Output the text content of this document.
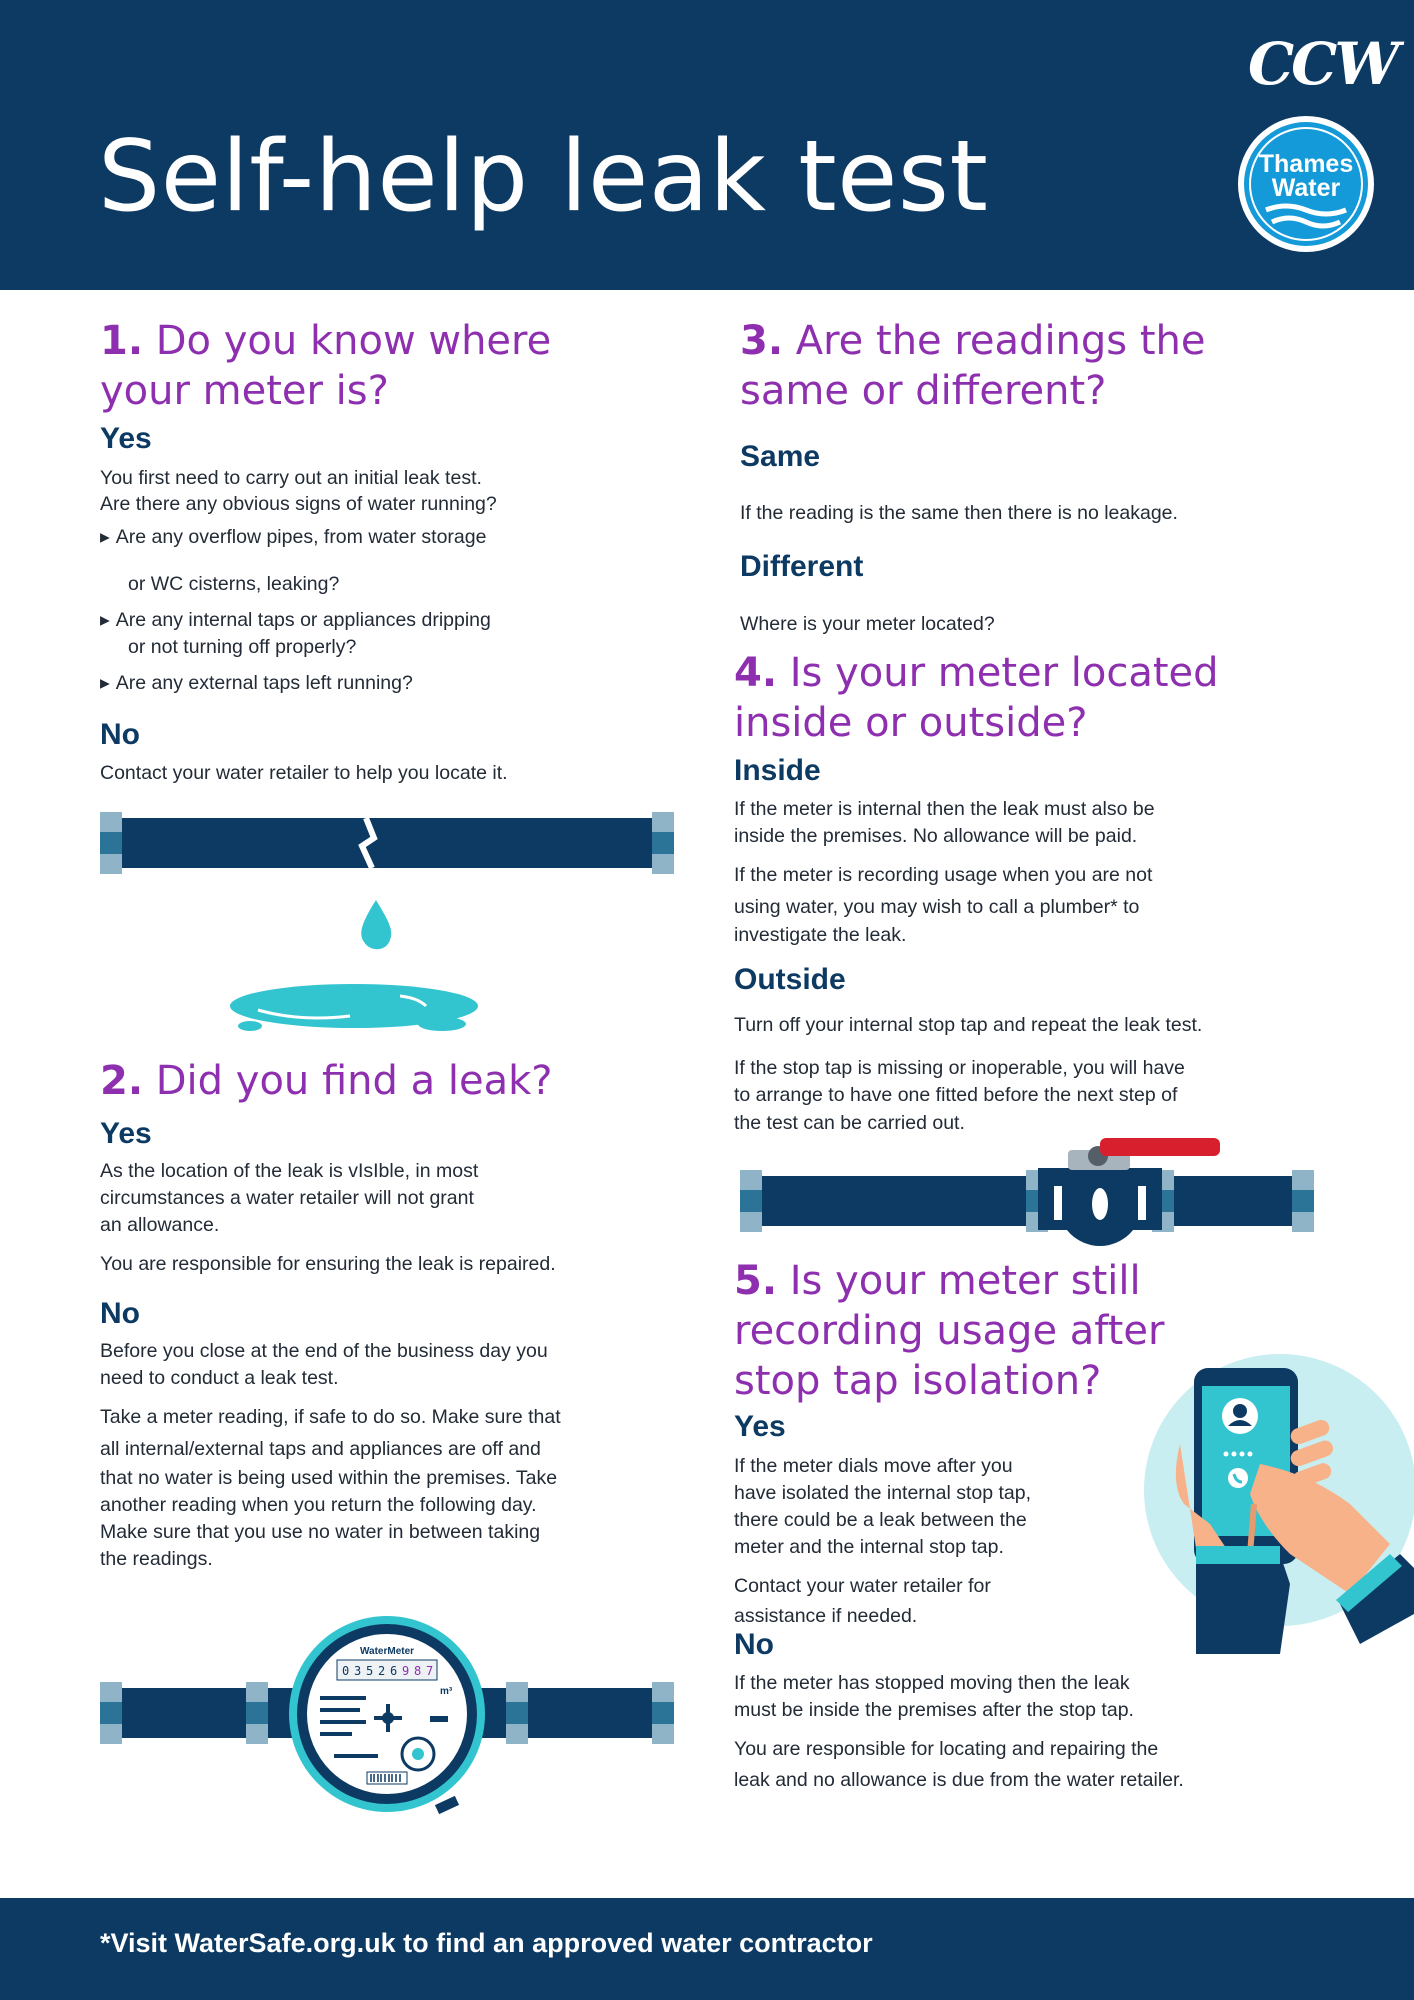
Self-help leak test
CCW
Thames
Water
1. Do you know where
your meter is?
Yes
You first need to carry out an initial leak test.
Are there any obvious signs of water running?
▸ Are any overflow pipes, from water storage
or WC cisterns, leaking?
▸ Are any internal taps or appliances dripping
or not turning off properly?
▸ Are any external taps left running?
No
Contact your water retailer to help you locate it.
2. Did you find a leak?
Yes
As the location of the leak is vIsIble, in most
circumstances a water retailer will not grant
an allowance.
You are responsible for ensuring the leak is repaired.
No
Before you close at the end of the business day you
need to conduct a leak test.
Take a meter reading, if safe to do so. Make sure that
all internal/external taps and appliances are off and
that no water is being used within the premises. Take
another reading when you return the following day.
Make sure that you use no water in between taking
the readings.
WaterMeter
0 3 5 2 6 9 8 7
m³
3. Are the readings the
same or different?
Same
If the reading is the same then there is no leakage.
Different
Where is your meter located?
4. Is your meter located
inside or outside?
Inside
If the meter is internal then the leak must also be
inside the premises. No allowance will be paid.
If the meter is recording usage when you are not
using water, you may wish to call a plumber* to
investigate the leak.
Outside
Turn off your internal stop tap and repeat the leak test.
If the stop tap is missing or inoperable, you will have
to arrange to have one fitted before the next step of
the test can be carried out.
5. Is your meter still
recording usage after
stop tap isolation?
Yes
If the meter dials move after you
have isolated the internal stop tap,
there could be a leak between the
meter and the internal stop tap.
Contact your water retailer for
assistance if needed.
No
If the meter has stopped moving then the leak
must be inside the premises after the stop tap.
You are responsible for locating and repairing the
leak and no allowance is due from the water retailer.

*Visit WaterSafe.org.uk to find an approved water contractor
